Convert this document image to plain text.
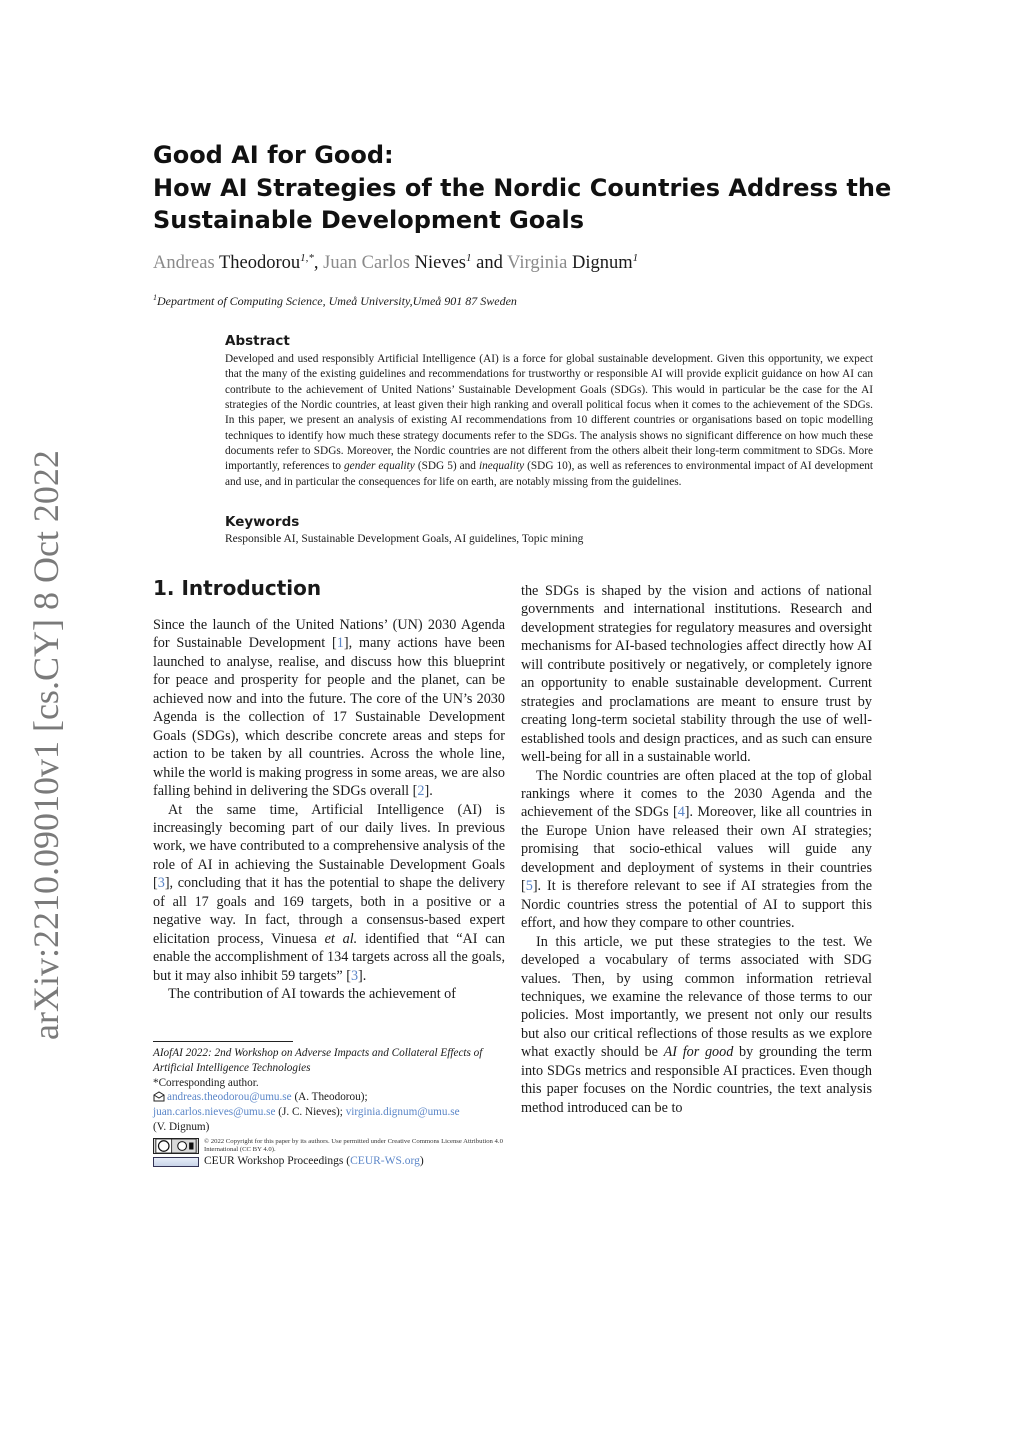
arXiv:2210.09010v1 [cs.CY] 8 Oct 2022
Good AI for Good:
How AI Strategies of the Nordic Countries Address the
Sustainable Development Goals
Andreas Theodorou$^{1,*}$, Juan Carlos Nieves$^1$ and Virginia Dignum$^1$
$^1$Department of Computing Science, Umeå University,Umeå 901 87 Sweden
Abstract

Developed and used responsibly Artificial Intelligence (AI) is a force for global sustainable development. Given this opportunity, we expect that the many of the existing guidelines and recommendations for trustworthy or responsible AI will provide explicit guidance on how AI can contribute to the achievement of United Nations’ Sustainable Development Goals (SDGs). This would in particular be the case for the AI strategies of the Nordic countries, at least given their high ranking and overall political focus when it comes to the achievement of the SDGs. In this paper, we present an analysis of existing AI recommendations from 10 different countries or organisations based on topic modelling techniques to identify how much these strategy documents refer to the SDGs. The analysis shows no significant difference on how much these documents refer to SDGs. Moreover, the Nordic countries are not different from the others albeit their long-term commitment to SDGs. More importantly, references to gender equality (SDG 5) and inequality (SDG 10), as well as references to environmental impact of AI development and use, and in particular the consequences for life on earth, are notably missing from the guidelines.

Keywords
Responsible AI, Sustainable Development Goals, AI guidelines, Topic mining
1. Introduction

Since the launch of the United Nations’ (UN) 2030 Agenda for Sustainable Development [1], many actions have been launched to analyse, realise, and discuss how this blueprint for peace and prosperity for people and the planet, can be achieved now and into the future. The core of the UN’s 2030 Agenda is the collection of 17 Sustainable Development Goals (SDGs), which describe concrete areas and steps for action to be taken by all countries. Across the whole line, while the world is making progress in some areas, we are also falling behind in delivering the SDGs overall [2].

At the same time, Artificial Intelligence (AI) is increasingly becoming part of our daily lives. In previous work, we have contributed to a comprehensive analysis of the role of AI in achieving the Sustainable Development Goals [3], concluding that it has the potential to shape the delivery of all 17 goals and 169 targets, both in a positive or a negative way. In fact, through a consensus-based expert elicitation process, Vinuesa et al. identified that “AI can enable the accomplishment of 134 targets across all the goals, but it may also inhibit 59 targets” [3].

The contribution of AI towards the achievement of

the SDGs is shaped by the vision and actions of national governments and international institutions. Research and development strategies for regulatory measures and oversight mechanisms for AI-based technologies affect directly how AI will contribute positively or negatively, or completely ignore an opportunity to enable sustainable development. Current strategies and proclamations are meant to ensure trust by creating long-term societal stability through the use of well-established tools and design practices, and as such can ensure well-being for all in a sustainable world.

The Nordic countries are often placed at the top of global rankings where it comes to the 2030 Agenda and the achievement of the SDGs [4]. Moreover, like all countries in the Europe Union have released their own AI strategies; promising that socio-ethical values will guide any development and deployment of systems in their countries [5]. It is therefore relevant to see if AI strategies from the Nordic countries stress the potential of AI to support this effort, and how they compare to other countries.

In this article, we put these strategies to the test. We developed a vocabulary of terms associated with SDG values. Then, by using common information retrieval techniques, we examine the relevance of those terms to our policies. Most importantly, we present not only our results but also our critical reflections of those results as we explore what exactly should be AI for good by grounding the term into SDGs metrics and responsible AI practices. Even though this paper focuses on the Nordic countries, the text analysis method introduced can be to

AIofAI 2022: 2nd Workshop on Adverse Impacts and Collateral Effects of Artificial Intelligence Technologies
*Corresponding author.
andreas.theodorou@umu.se (A. Theodorou);
juan.carlos.nieves@umu.se (J. C. Nieves); virginia.dignum@umu.se
(V. Dignum)
© 2022 Copyright for this paper by its authors. Use permitted under Creative Commons License Attribution 4.0 International (CC BY 4.0).
CEUR Workshop Proceedings (CEUR-WS.org)
